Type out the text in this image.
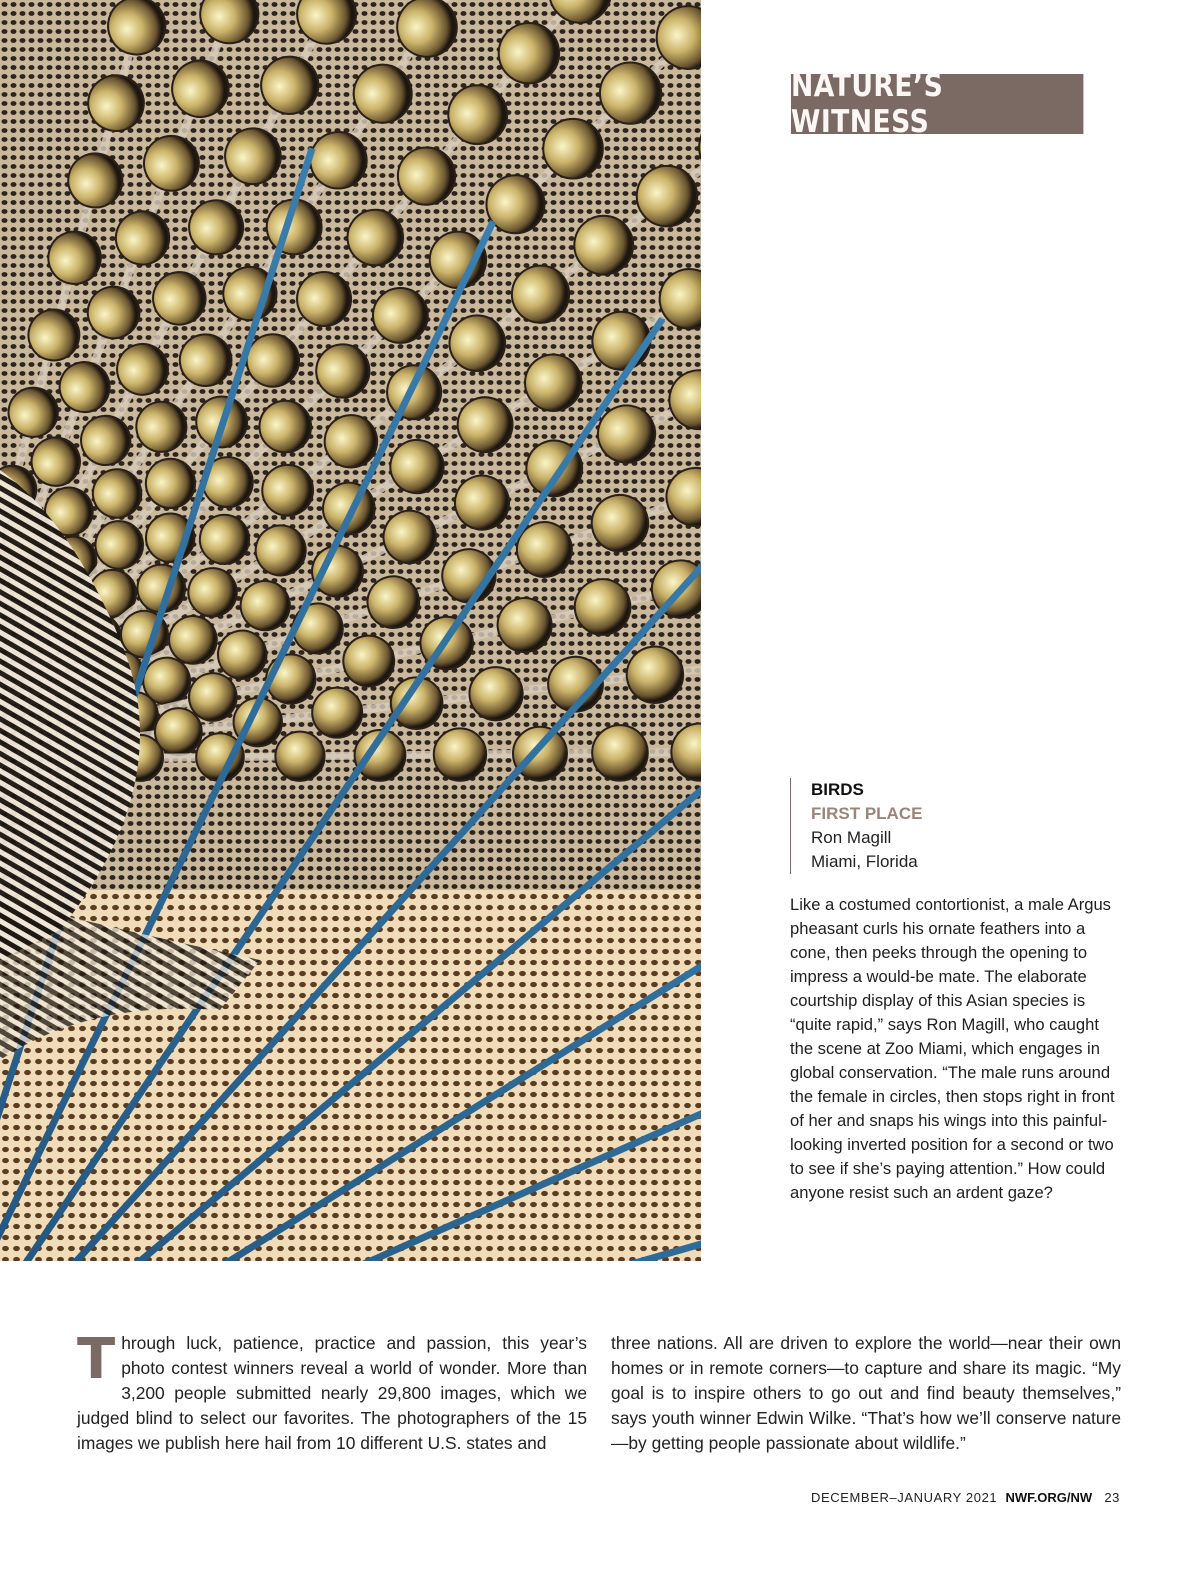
NATURE’S WITNESS
BIRDS
FIRST PLACE
Ron Magill
Miami, Florida
Like a costumed contortionist, a male Argus pheasant curls his ornate feathers into a cone, then peeks through the opening to impress a would-be mate. The elaborate courtship display of this Asian species is “quite rapid,” says Ron Magill, who caught the scene at Zoo Miami, which engages in global conservation. “The male runs around the female in circles, then stops right in front of her and snaps his wings into this painful-looking inverted position for a second or two to see if she’s paying attention.” How could anyone resist such an ardent gaze?
Through luck, patience, practice and passion, this year’s photo contest winners reveal a world of wonder. More than 3,200 people submitted nearly 29,800 images, which we judged blind to select our favorites. The photographers of the 15 images we publish here hail from 10 different U.S. states and
three nations. All are driven to explore the world—near their own homes or in remote corners—to capture and share its magic. “My goal is to inspire others to go out and find beauty themselves,” says youth winner Edwin Wilke. “That’s how we’ll conserve nature—by getting people passionate about wildlife.”
DECEMBER–JANUARY 2021 NWF.ORG/NW 23
